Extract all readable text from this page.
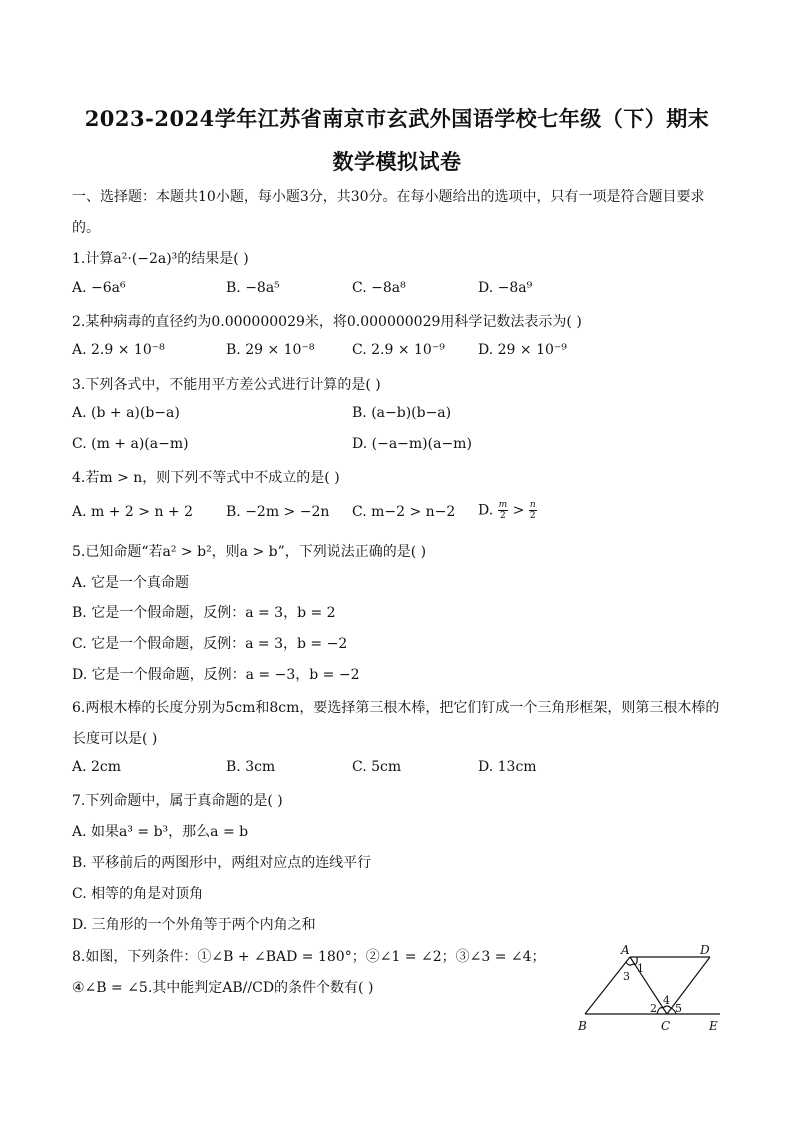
2023-2024学年江苏省南京市玄武外国语学校七年级（下）期末
数学模拟试卷
一、选择题：本题共10小题，每小题3分，共30分。在每小题给出的选项中，只有一项是符合题目要求
的。
1.计算a²·(−2a)³的结果是( )
A. −6a⁶	B. −8a⁵	C. −8a⁸	D. −8a⁹
2.某种病毒的直径约为0.000000029米，将0.000000029用科学记数法表示为( )
A. 2.9 × 10⁻⁸	B. 29 × 10⁻⁸	C. 2.9 × 10⁻⁹ D. 29 × 10⁻⁹
3.下列各式中，不能用平方差公式进行计算的是( )
A. (b + a)(b−a)	B. (a−b)(b−a)
C. (m + a)(a−m)	D. (−a−m)(a−m)
4.若m > n，则下列不等式中不成立的是( )
A. m + 2 > n + 2 B. −2m > −2n C. m−2 > n−2 D. $\frac{m}{2} > \frac{n}{2}$
5.已知命题“若a² > b²，则a > b”，下列说法正确的是( )
A. 它是一个真命题
B. 它是一个假命题，反例：a = 3，b = 2
C. 它是一个假命题，反例：a = 3，b = −2
D. 它是一个假命题，反例：a = −3，b = −2
6.两根木棒的长度分别为5cm和8cm，要选择第三根木棒，把它们钉成一个三角形框架，则第三根木棒的
长度可以是( )
A. 2cm	B. 3cm	C. 5cm	D. 13cm
7.下列命题中，属于真命题的是( )
A. 如果a³ = b³，那么a = b
B. 平移前后的两图形中，两组对应点的连线平行
C. 相等的角是对顶角
D. 三角形的一个外角等于两个内角之和
8.如图，下列条件：①∠B + ∠BAD = 180°；②∠1 = ∠2；③∠3 = ∠4；
④∠B = ∠5.其中能判定AB//CD的条件个数有( )
A	D
B	C	E
1
3
2
4
5
